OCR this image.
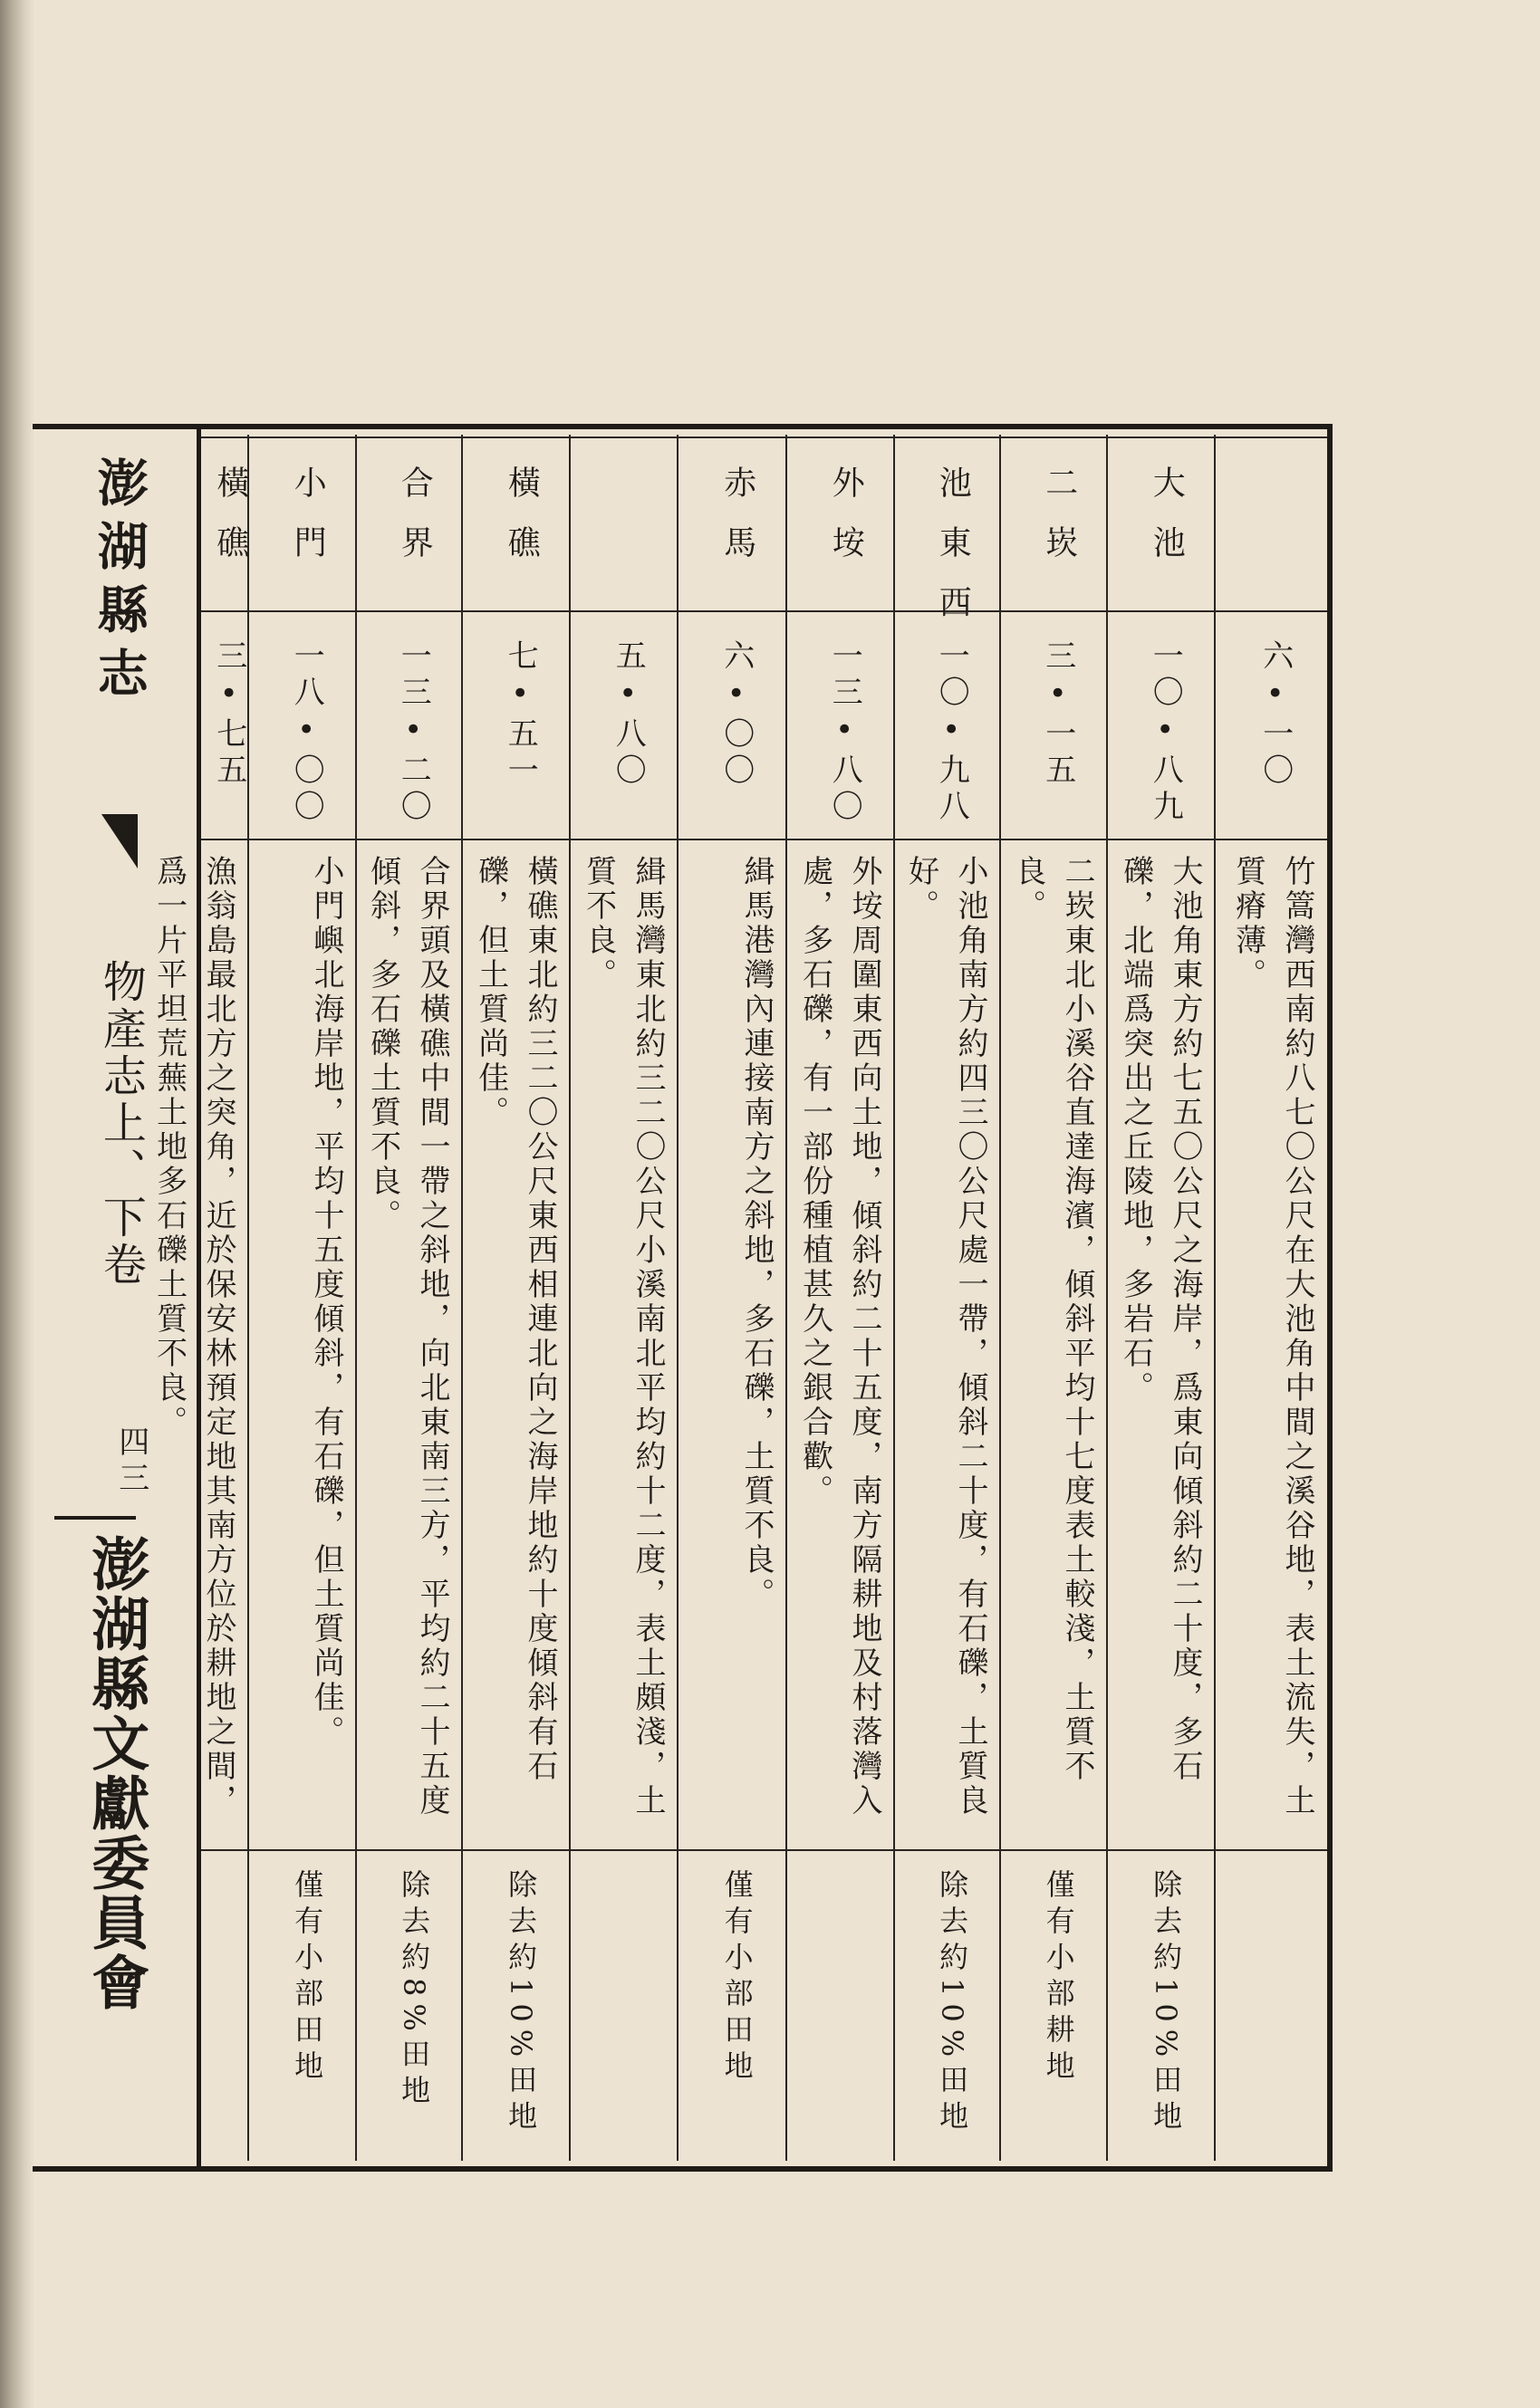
澎湖縣志
物產志上、下卷
四三
澎湖縣文獻委員會
六•一〇
竹篙灣西南約八七〇公尺在大池角中間之溪谷地，表土流失，土質瘠薄。
大池
一〇•八九
大池角東方約七五〇公尺之海岸，爲東向傾斜約二十度，多石礫，北端爲突出之丘陵地，多岩石。
除去約10%田地
二崁
三•一五
二崁東北小溪谷直達海濱，傾斜平均十七度表土較淺，土質不良。
僅有小部耕地
池東西
一〇•九八
小池角南方約四三〇公尺處一帶，傾斜二十度，有石礫，土質良好。
除去約10%田地
外垵
一三•八〇
外垵周圍東西向土地，傾斜約二十五度，南方隔耕地及村落灣入處，多石礫，有一部份種植甚久之銀合歡。
赤馬
六•〇〇
緝馬港灣內連接南方之斜地，多石礫，土質不良。
僅有小部田地
五•八〇
緝馬灣東北約三二〇公尺小溪南北平均約十二度，表土頗淺，土質不良。
橫礁
七•五一
橫礁東北約三二〇公尺東西相連北向之海岸地約十度傾斜有石礫，但土質尚佳。
除去約10%田地
合界
一三•二〇
合界頭及橫礁中間一帶之斜地，向北東南三方，平均約二十五度傾斜，多石礫土質不良。
除去約8%田地
小門
一八•〇〇
小門嶼北海岸地，平均十五度傾斜，有石礫，但土質尚佳。
僅有小部田地
橫礁
三•七五
漁翁島最北方之突角，近於保安林預定地其南方位於耕地之間，爲一片平坦荒蕪土地多石礫土質不良。
